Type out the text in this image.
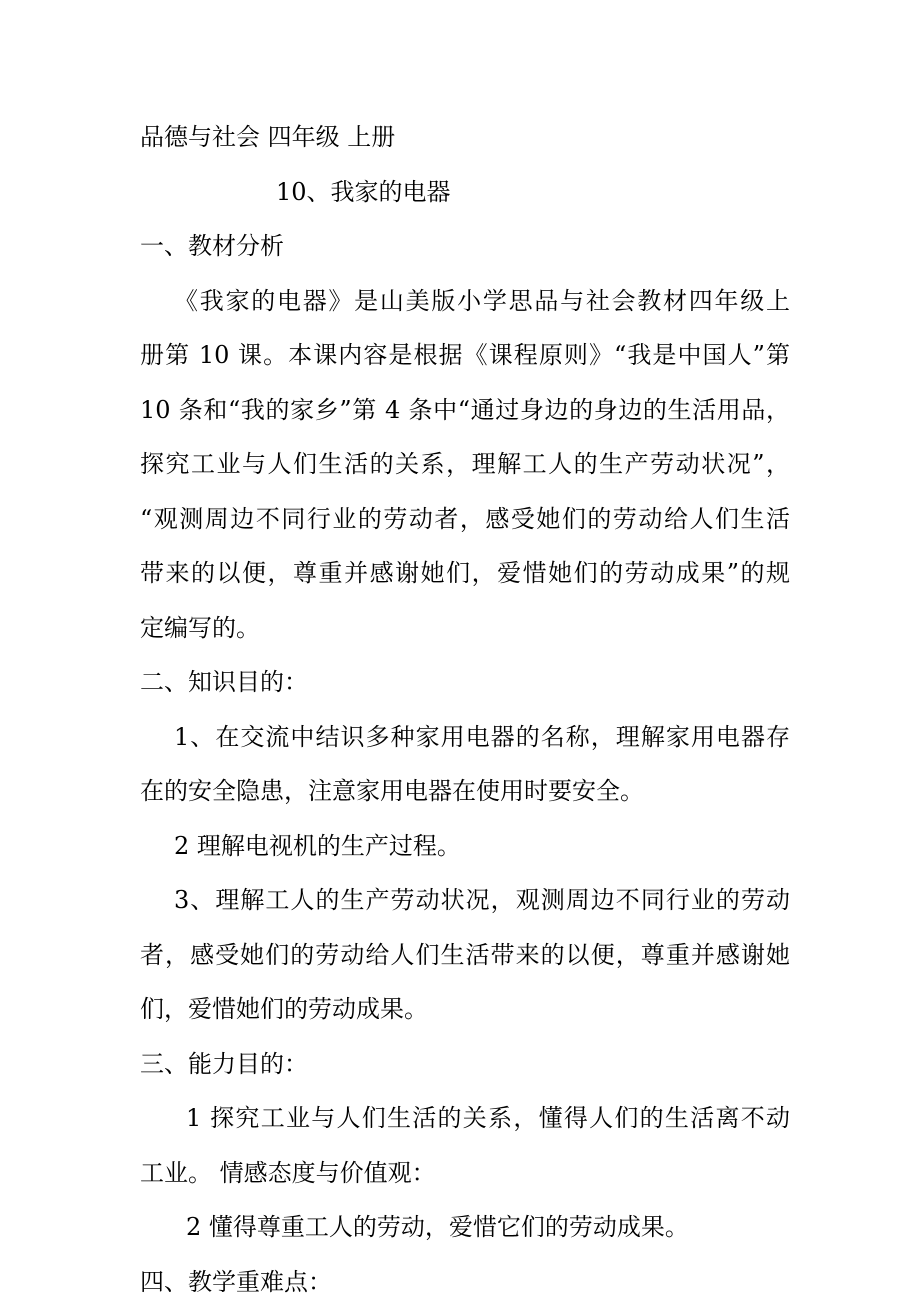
品德与社会 四年级 上册

10、我家的电器

一、教材分析

《我家的电器》是山美版小学思品与社会教材四年级上

册第 10 课。本课内容是根据《课程原则》“我是中国人”第

10 条和“我的家乡”第 4 条中“通过身边的身边的生活用品，

探究工业与人们生活的关系，理解工人的生产劳动状况”，

“观测周边不同行业的劳动者，感受她们的劳动给人们生活

带来的以便，尊重并感谢她们，爱惜她们的劳动成果”的规

定编写的。

二、知识目的：

1、在交流中结识多种家用电器的名称，理解家用电器存

在的安全隐患，注意家用电器在使用时要安全。

2 理解电视机的生产过程。

3、理解工人的生产劳动状况，观测周边不同行业的劳动

者，感受她们的劳动给人们生活带来的以便，尊重并感谢她

们，爱惜她们的劳动成果。

三、能力目的：

1 探究工业与人们生活的关系，懂得人们的生活离不动

工业。 情感态度与价值观：

2 懂得尊重工人的劳动，爱惜它们的劳动成果。

四、教学重难点：
